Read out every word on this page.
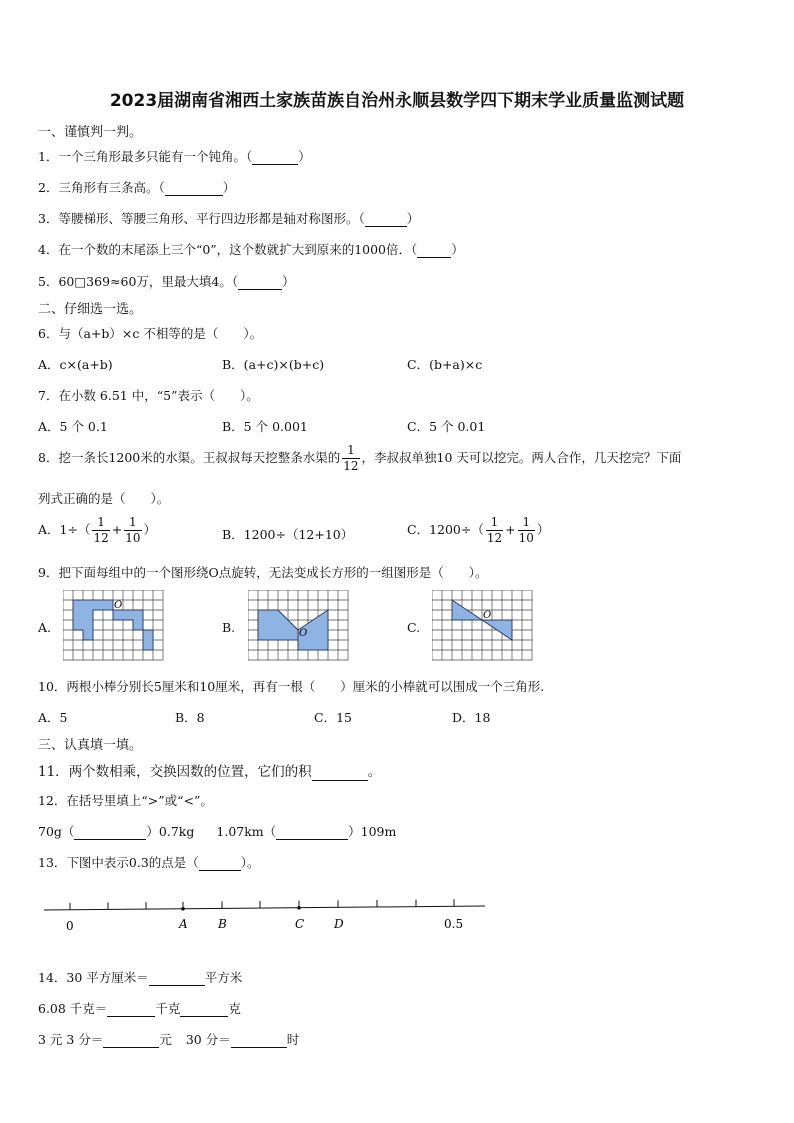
2023届湖南省湘西土家族苗族自治州永顺县数学四下期末学业质量监测试题
一、谨慎判一判。
1．一个三角形最多只能有一个钝角。（	）
2．三角形有三条高。（	）
3．等腰梯形、等腰三角形、平行四边形都是轴对称图形。（	）
4．在一个数的末尾添上三个“0”，这个数就扩大到原来的1000倍．（	）
5．60□369≈60万，里最大填4。（	）
二、仔细选一选。
6．与（a+b）×c 不相等的是（　　）。
A．c×(a+b)	B．(a+c)×(b+c)	C．(b+a)×c
7．在小数 6.51 中，“5”表示（　　）。
A．5 个 0.1	B．5 个 0.001	C．5 个 0.01
8．挖一条长1200米的水渠。王叔叔每天挖整条水渠的 $\frac{1}{12}$ ，李叔叔单独10 天可以挖完。两人合作，几天挖完？下面
列式正确的是（　　）。
A．$1\div( \frac{1}{12} + \frac{1}{10}$ ）	B．1200÷（12+10）	C．$1200\div( \frac{1}{12} + \frac{1}{10}$ ）
9．把下面每组中的一个图形绕O点旋转，无法变成长方形的一组图形是（　　）。
A.	B.	C.
O
O
O
10．两根小棒分别长5厘米和10厘米，再有一根（　　）厘米的小棒就可以围成一个三角形.
A．5	B．8	C．15	D．18
三、认真填一填。
11．两个数相乘，交换因数的位置，它们的积	。
12．在括号里填上“>”或“<”。
70g（	）0.7kg 1.07km（	）109m
13．下图中表示0.3的点是（	）。
0	A	B	C D	0.5
14．30 平方厘米＝	平方米
6.08 千克＝	千克	克
3 元 3 分＝	元 30 分＝	时
